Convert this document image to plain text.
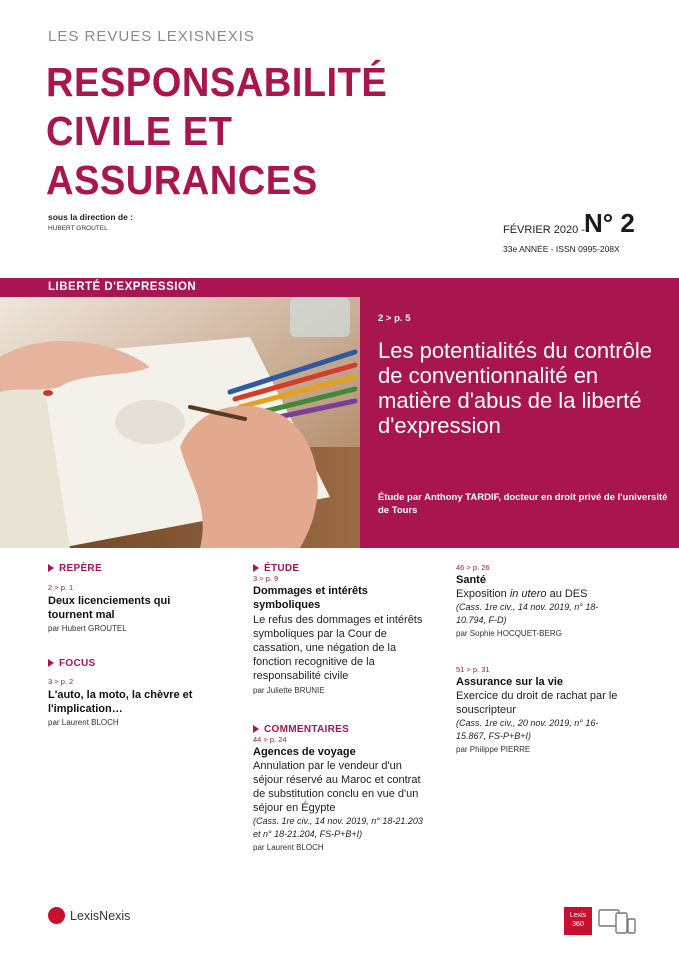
LES REVUES LEXISNEXIS
RESPONSABILITÉ
CIVILE ET
ASSURANCES
sous la direction de :
HUBERT GROUTEL	FÉVRIER 2020 - N° 2
33e ANNÉE - ISSN 0995-208X
LIBERTÉ D'EXPRESSION
2 > p. 5
Les potentialités du contrôle de conventionnalité en matière d'abus de la liberté d'expression
Étude par Anthony TARDIF, docteur en droit privé de l'université de Tours
REPÈRE
2 > p. 1
Deux licenciements qui tournent mal
par Hubert GROUTEL
FOCUS
3 > p. 2
L'auto, la moto, la chèvre et l'implication…
par Laurent BLOCH
ÉTUDE
3 > p. 9
Dommages et intérêts symboliques
Le refus des dommages et intérêts symboliques par la Cour de cassation, une négation de la fonction recognitive de la responsabilité civile
par Juliette BRUNIE
COMMENTAIRES
44 > p. 24
Agences de voyage
Annulation par le vendeur d'un séjour réservé au Maroc et contrat de substitution conclu en vue d'un séjour en Égypte
(Cass. 1re civ., 14 nov. 2019, n° 18-21.203 et n° 18-21.204, FS-P+B+I)
par Laurent BLOCH
46 > p. 26
Santé
Exposition in utero au DES
(Cass. 1re civ., 14 nov. 2019, n° 18-10.794, F-D)
par Sophie HOCQUET-BERG
51 > p. 31
Assurance sur la vie
Exercice du droit de rachat par le souscripteur
(Cass. 1re civ., 20 nov. 2019, n° 16-15.867, FS-P+B+I)
par Philippe PIERRE
LexisNexis	Lexis
360
